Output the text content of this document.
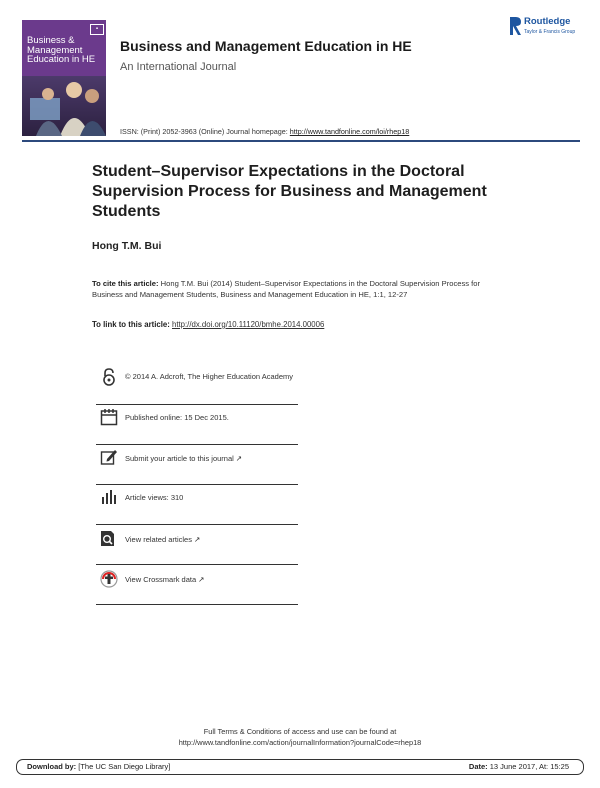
Business & Management Education in HE
▪
Business and Management Education in HE
An International Journal
Routledge
Taylor & Francis Group
ISSN: (Print) 2052-3963 (Online) Journal homepage: http://www.tandfonline.com/loi/rhep18
Student–Supervisor Expectations in the Doctoral Supervision Process for Business and Management Students
Hong T.M. Bui
To cite this article: Hong T.M. Bui (2014) Student–Supervisor Expectations in the Doctoral Supervision Process for Business and Management Students, Business and Management Education in HE, 1:1, 12-27
To link to this article: http://dx.doi.org/10.11120/bmhe.2014.00006
© 2014 A. Adcroft, The Higher Education Academy
Published online: 15 Dec 2015.
Submit your article to this journal ↗
Article views: 310
View related articles ↗
View Crossmark data ↗
Full Terms & Conditions of access and use can be found at
http://www.tandfonline.com/action/journalInformation?journalCode=rhep18
Download by: [The UC San Diego Library]	Date: 13 June 2017, At: 15:25
